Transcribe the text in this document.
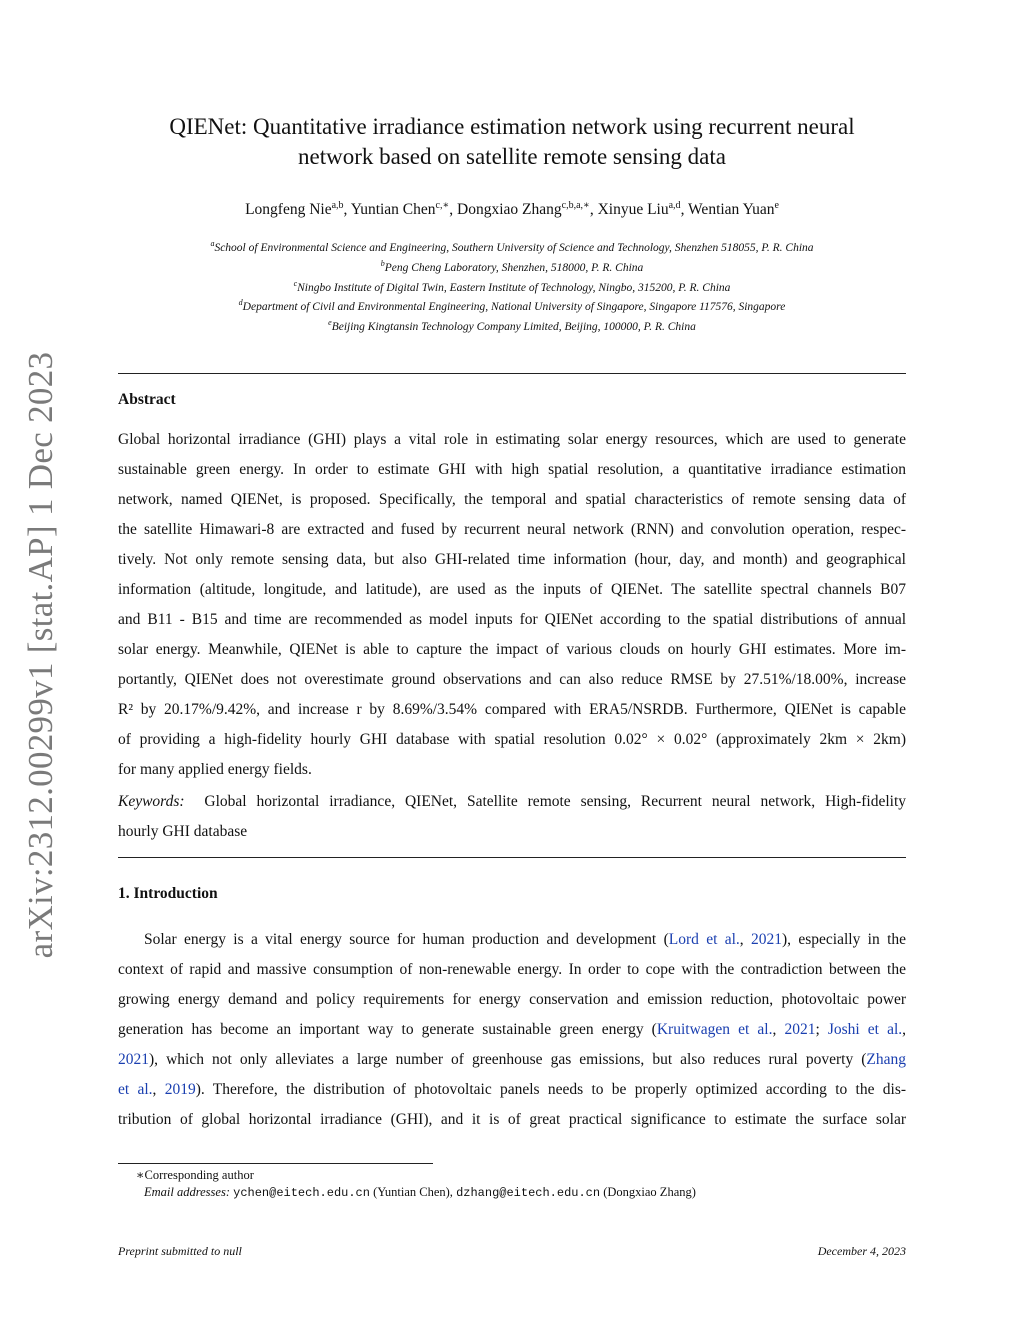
arXiv:2312.00299v1 [stat.AP] 1 Dec 2023
QIENet: Quantitative irradiance estimation network using recurrent neural
network based on satellite remote sensing data
Longfeng Nie$^{a,b}$, Yuntian Chen$^{c,∗}$, Dongxiao Zhang$^{c,b,a,∗}$, Xinyue Liu$^{a,d}$, Wentian Yuan$^e$
$^a$School of Environmental Science and Engineering, Southern University of Science and Technology, Shenzhen 518055, P. R. China
$^b$Peng Cheng Laboratory, Shenzhen, 518000, P. R. China
$^c$Ningbo Institute of Digital Twin, Eastern Institute of Technology, Ningbo, 315200, P. R. China
$^d$Department of Civil and Environmental Engineering, National University of Singapore, Singapore 117576, Singapore
$^e$Beijing Kingtansin Technology Company Limited, Beijing, 100000, P. R. China
Abstract
Global horizontal irradiance (GHI) plays a vital role in estimating solar energy resources, which are used to generate
sustainable green energy. In order to estimate GHI with high spatial resolution, a quantitative irradiance estimation
network, named QIENet, is proposed. Specifically, the temporal and spatial characteristics of remote sensing data of
the satellite Himawari-8 are extracted and fused by recurrent neural network (RNN) and convolution operation, respec-
tively. Not only remote sensing data, but also GHI-related time information (hour, day, and month) and geographical
information (altitude, longitude, and latitude), are used as the inputs of QIENet. The satellite spectral channels B07
and B11 - B15 and time are recommended as model inputs for QIENet according to the spatial distributions of annual
solar energy. Meanwhile, QIENet is able to capture the impact of various clouds on hourly GHI estimates. More im-
portantly, QIENet does not overestimate ground observations and can also reduce RMSE by 27.51%/18.00%, increase
R² by 20.17%/9.42%, and increase r by 8.69%/3.54% compared with ERA5/NSRDB. Furthermore, QIENet is capable
of providing a high-fidelity hourly GHI database with spatial resolution 0.02° × 0.02° (approximately 2km × 2km)
for many applied energy fields.
Keywords: Global horizontal irradiance, QIENet, Satellite remote sensing, Recurrent neural network, High-fidelity
hourly GHI database
1. Introduction
Solar energy is a vital energy source for human production and development (Lord et al., 2021), especially in the
context of rapid and massive consumption of non-renewable energy. In order to cope with the contradiction between the
growing energy demand and policy requirements for energy conservation and emission reduction, photovoltaic power
generation has become an important way to generate sustainable green energy (Kruitwagen et al., 2021; Joshi et al.,
2021), which not only alleviates a large number of greenhouse gas emissions, but also reduces rural poverty (Zhang
et al., 2019). Therefore, the distribution of photovoltaic panels needs to be properly optimized according to the dis-
tribution of global horizontal irradiance (GHI), and it is of great practical significance to estimate the surface solar
∗Corresponding author
Email addresses: ychen@eitech.edu.cn (Yuntian Chen), dzhang@eitech.edu.cn (Dongxiao Zhang)
Preprint submitted to null	December 4, 2023
